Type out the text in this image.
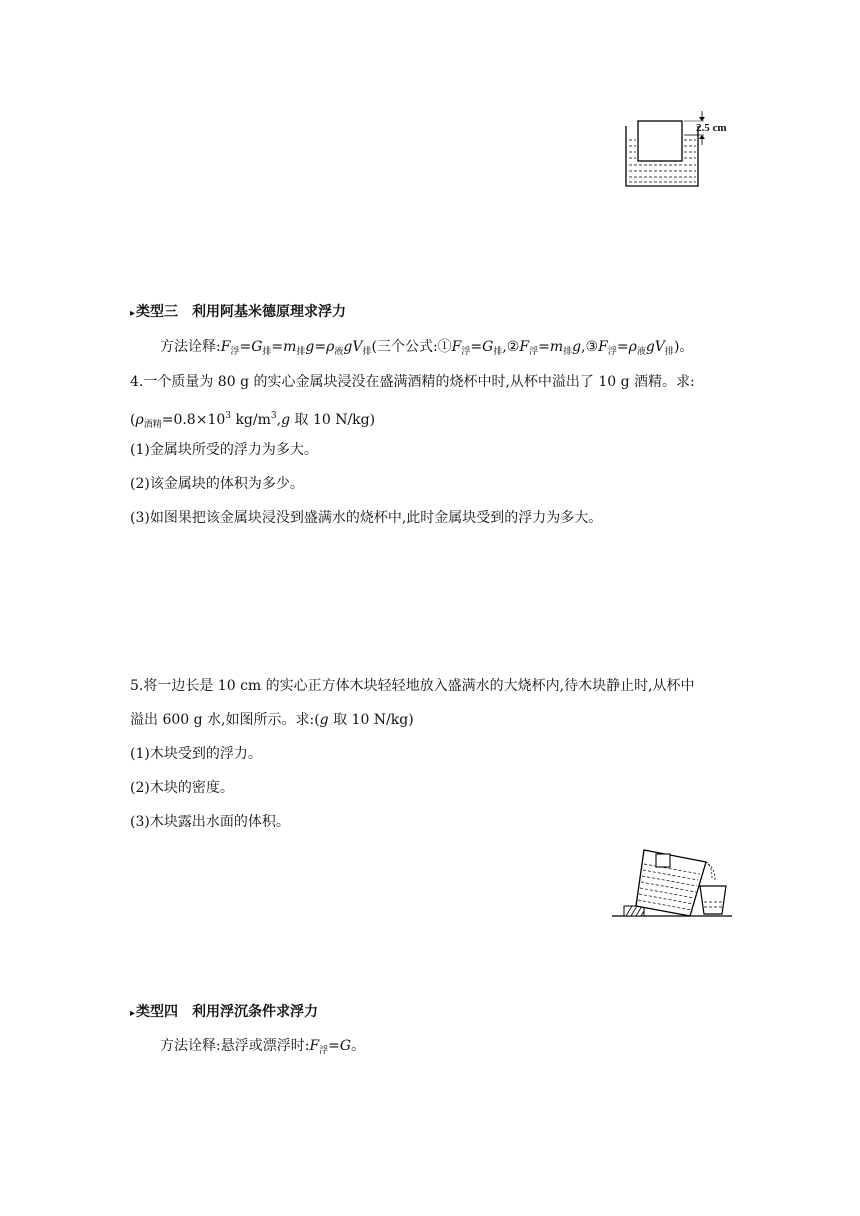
2.5 cm
▸类型三　利用阿基米德原理求浮力
方法诠释$:F_浮=G_排=m_排g=\rho_液gV_排$(三个公式$:①F_浮=G_排,②F_浮=m_排g,③F_浮=\rho_液gV_排$)。
4.一个质量为 80 g 的实心金属块浸没在盛满酒精的烧杯中时,从杯中溢出了 10 g 酒精。求:
($\rho_{酒精}=0.8\times 10^3$ $kg/m^3,g$ 取 10 N/kg)
(1)金属块所受的浮力为多大。
(2)该金属块的体积为多少。
(3)如图果把该金属块浸没到盛满水的烧杯中,此时金属块受到的浮力为多大。
5.将一边长是 10 cm 的实心正方体木块轻轻地放入盛满水的大烧杯内,待木块静止时,从杯中
溢出 600 g 水,如图所示。求:(g 取 10 N/kg)
(1)木块受到的浮力。
(2)木块的密度。
(3)木块露出水面的体积。
▸类型四　利用浮沉条件求浮力
方法诠释:悬浮或漂浮时$:F_浮=G$。
